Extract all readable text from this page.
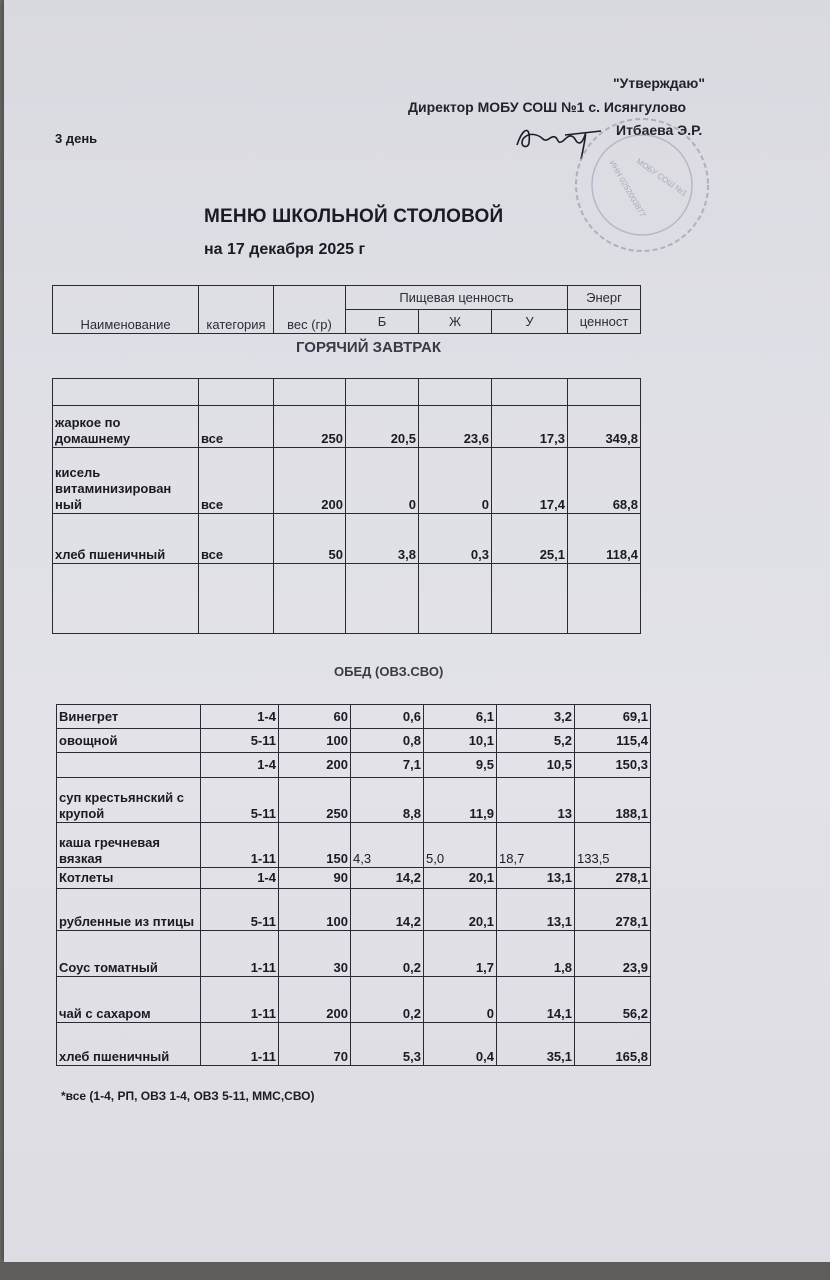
"Утверждаю"
Директор МОБУ СОШ №1 с. Исянгулово
Итбаева Э.Р.
3 день
МОБУ СОШ №1
ИНН 0252003877
МЕНЮ ШКОЛЬНОЙ СТОЛОВОЙ
на 17 декабря 2025 г
Наименование	категория	вес (гр)	Пищевая ценность			Энерг
			Б	Ж	У	ценност
ГОРЯЧИЙ ЗАВТРАК

жаркое по домашнему	все	250	20,5	23,6	17,3	349,8
кисель витаминизирован ный	все	200	0	0	17,4	68,8
хлеб пшеничный	все	50	3,8	0,3	25,1	118,4

ОБЕД (ОВЗ.СВО)
Винегрет	1-4	60	0,6	6,1	3,2	69,1
овощной	5-11	100	0,8	10,1	5,2	115,4
	1-4	200	7,1	9,5	10,5	150,3
суп крестьянский с крупой	5-11	250	8,8	11,9	13	188,1
каша гречневая вязкая	1-11	150	4,3	5,0	18,7	133,5
Котлеты	1-4	90	14,2	20,1	13,1	278,1
рубленные из птицы	5-11	100	14,2	20,1	13,1	278,1
Соус томатный	1-11	30	0,2	1,7	1,8	23,9
чай с сахаром	1-11	200	0,2	0	14,1	56,2
хлеб пшеничный	1-11	70	5,3	0,4	35,1	165,8
*все (1-4, РП, ОВЗ 1-4, ОВЗ 5-11, ММС,СВО)
